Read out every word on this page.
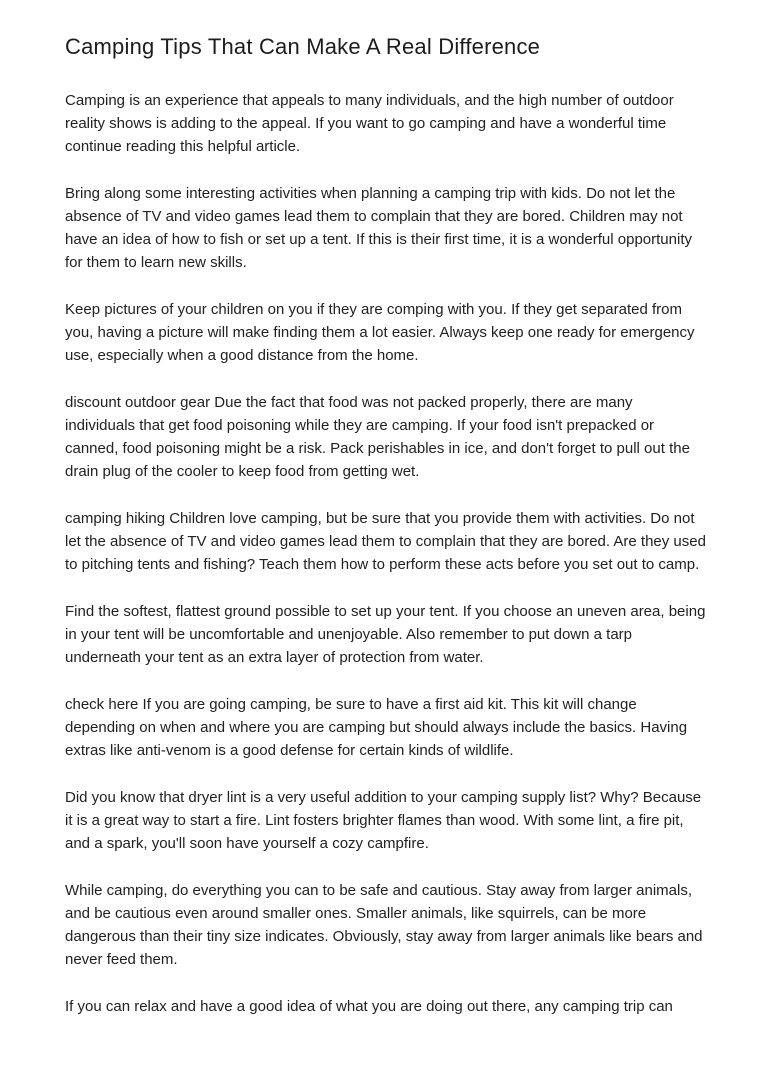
Camping Tips That Can Make A Real Difference

Camping is an experience that appeals to many individuals, and the high number of outdoor reality shows is adding to the appeal. If you want to go camping and have a wonderful time continue reading this helpful article.

Bring along some interesting activities when planning a camping trip with kids. Do not let the absence of TV and video games lead them to complain that they are bored. Children may not have an idea of how to fish or set up a tent. If this is their first time, it is a wonderful opportunity for them to learn new skills.

Keep pictures of your children on you if they are comping with you. If they get separated from you, having a picture will make finding them a lot easier. Always keep one ready for emergency use, especially when a good distance from the home.

discount outdoor gear Due the fact that food was not packed properly, there are many individuals that get food poisoning while they are camping. If your food isn't prepacked or canned, food poisoning might be a risk. Pack perishables in ice, and don't forget to pull out the drain plug of the cooler to keep food from getting wet.

camping hiking Children love camping, but be sure that you provide them with activities. Do not let the absence of TV and video games lead them to complain that they are bored. Are they used to pitching tents and fishing? Teach them how to perform these acts before you set out to camp.

Find the softest, flattest ground possible to set up your tent. If you choose an uneven area, being in your tent will be uncomfortable and unenjoyable. Also remember to put down a tarp underneath your tent as an extra layer of protection from water.

check here If you are going camping, be sure to have a first aid kit. This kit will change depending on when and where you are camping but should always include the basics. Having extras like anti-venom is a good defense for certain kinds of wildlife.

Did you know that dryer lint is a very useful addition to your camping supply list? Why? Because it is a great way to start a fire. Lint fosters brighter flames than wood. With some lint, a fire pit, and a spark, you'll soon have yourself a cozy campfire.

While camping, do everything you can to be safe and cautious. Stay away from larger animals, and be cautious even around smaller ones. Smaller animals, like squirrels, can be more dangerous than their tiny size indicates. Obviously, stay away from larger animals like bears and never feed them.

If you can relax and have a good idea of what you are doing out there, any camping trip can
